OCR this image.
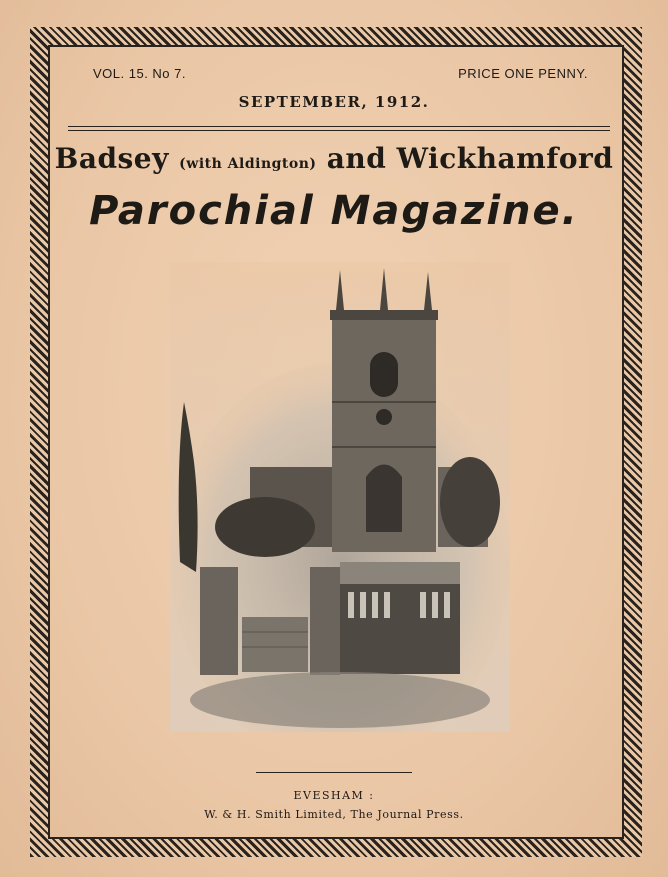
VOL. 15. No 7.	PRICE ONE PENNY.
SEPTEMBER, 1912.
Badsey (with Aldington) and Wickhamford
Parochial Magazine.
EVESHAM :
W. & H. Smith Limited, The Journal Press.
